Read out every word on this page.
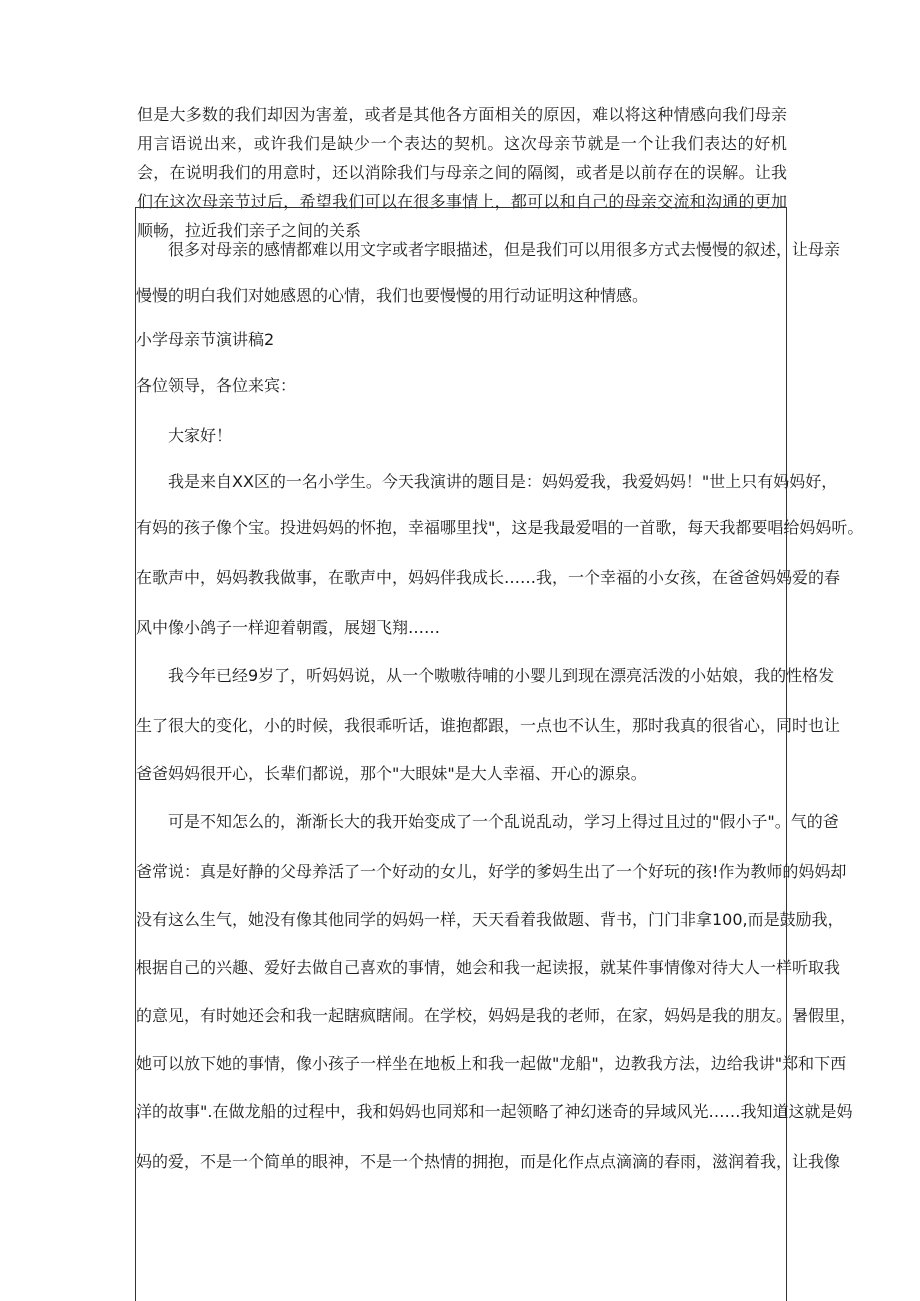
但是大多数的我们却因为害羞，或者是其他各方面相关的原因，难以将这种情感向我们母亲用言语说出来，或许我们是缺少一个表达的契机。这次母亲节就是一个让我们表达的好机会，在说明我们的用意时，还以消除我们与母亲之间的隔阂，或者是以前存在的误解。让我们在这次母亲节过后，希望我们可以在很多事情上，都可以和自己的母亲交流和沟通的更加顺畅，拉近我们亲子之间的关系

很多对母亲的感情都难以用文字或者字眼描述，但是我们可以用很多方式去慢慢的叙述，让母亲
慢慢的明白我们对她感恩的心情，我们也要慢慢的用行动证明这种情感。
小学母亲节演讲稿2
各位领导，各位来宾：
大家好！
我是来自XX区的一名小学生。今天我演讲的题目是：妈妈爱我，我爱妈妈！"世上只有妈妈好，
有妈的孩子像个宝。投进妈妈的怀抱，幸福哪里找"，这是我最爱唱的一首歌，每天我都要唱给妈妈听。
在歌声中，妈妈教我做事，在歌声中，妈妈伴我成长……我，一个幸福的小女孩，在爸爸妈妈爱的春
风中像小鸽子一样迎着朝霞，展翅飞翔……
我今年已经9岁了，听妈妈说，从一个嗷嗷待哺的小婴儿到现在漂亮活泼的小姑娘，我的性格发
生了很大的变化，小的时候，我很乖听话，谁抱都跟，一点也不认生，那时我真的很省心，同时也让
爸爸妈妈很开心，长辈们都说，那个"大眼妹"是大人幸福、开心的源泉。
可是不知怎么的，渐渐长大的我开始变成了一个乱说乱动，学习上得过且过的"假小子"。气的爸
爸常说：真是好静的父母养活了一个好动的女儿，好学的爹妈生出了一个好玩的孩!作为教师的妈妈却
没有这么生气，她没有像其他同学的妈妈一样，天天看着我做题、背书，门门非拿100,而是鼓励我，
根据自己的兴趣、爱好去做自己喜欢的事情，她会和我一起读报，就某件事情像对待大人一样听取我
的意见，有时她还会和我一起瞎疯瞎闹。在学校，妈妈是我的老师，在家，妈妈是我的朋友。暑假里，
她可以放下她的事情，像小孩子一样坐在地板上和我一起做"龙船"，边教我方法，边给我讲"郑和下西
洋的故事".在做龙船的过程中，我和妈妈也同郑和一起领略了神幻迷奇的异域风光……我知道这就是妈
妈的爱，不是一个简单的眼神，不是一个热情的拥抱，而是化作点点滴滴的春雨，滋润着我，让我像
